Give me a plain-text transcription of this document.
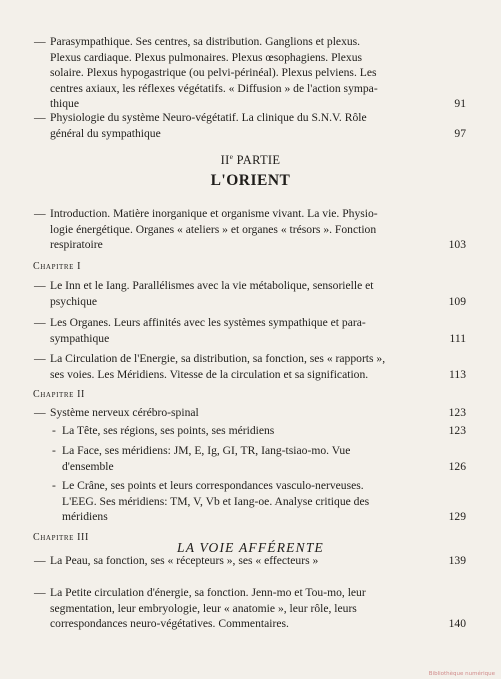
— Parasympathique. Ses centres, sa distribution. Ganglions et plexus.
Plexus cardiaque. Plexus pulmonaires. Plexus œsophagiens. Plexus
solaire. Plexus hypogastrique (ou pelvi-périnéal). Plexus pelviens. Les
centres axiaux, les réflexes végétatifs. « Diffusion » de l'action sympa-
thique	91
— Physiologie du système Neuro-végétatif. La clinique du S.N.V. Rôle
général du sympathique	97
IIe PARTIE
L'ORIENT
— Introduction. Matière inorganique et organisme vivant. La vie. Physio-
logie énergétique. Organes « ateliers » et organes « trésors ». Fonction
respiratoire	103
Chapitre I
— Le Inn et le Iang. Parallélismes avec la vie métabolique, sensorielle et
psychique	109
— Les Organes. Leurs affinités avec les systèmes sympathique et para-
sympathique	111
— La Circulation de l'Energie, sa distribution, sa fonction, ses « rapports »,
ses voies. Les Méridiens. Vitesse de la circulation et sa signification.	113
Chapitre II
— Système nerveux cérébro-spinal	123
- La Tête, ses régions, ses points, ses méridiens	123
- La Face, ses méridiens: JM, E, Ig, GI, TR, Iang-tsiao-mo. Vue
d'ensemble	126
- Le Crâne, ses points et leurs correspondances vasculo-nerveuses.
L'EEG. Ses méridiens: TM, V, Vb et Iang-oe. Analyse critique des
méridiens	129
Chapitre III
LA VOIE AFFÉRENTE
— La Peau, sa fonction, ses « récepteurs », ses « effecteurs »	139
— La Petite circulation d'énergie, sa fonction. Jenn-mo et Tou-mo, leur
segmentation, leur embryologie, leur « anatomie », leur rôle, leurs
correspondances neuro-végétatives. Commentaires.	140
Bibliothèque numérique
